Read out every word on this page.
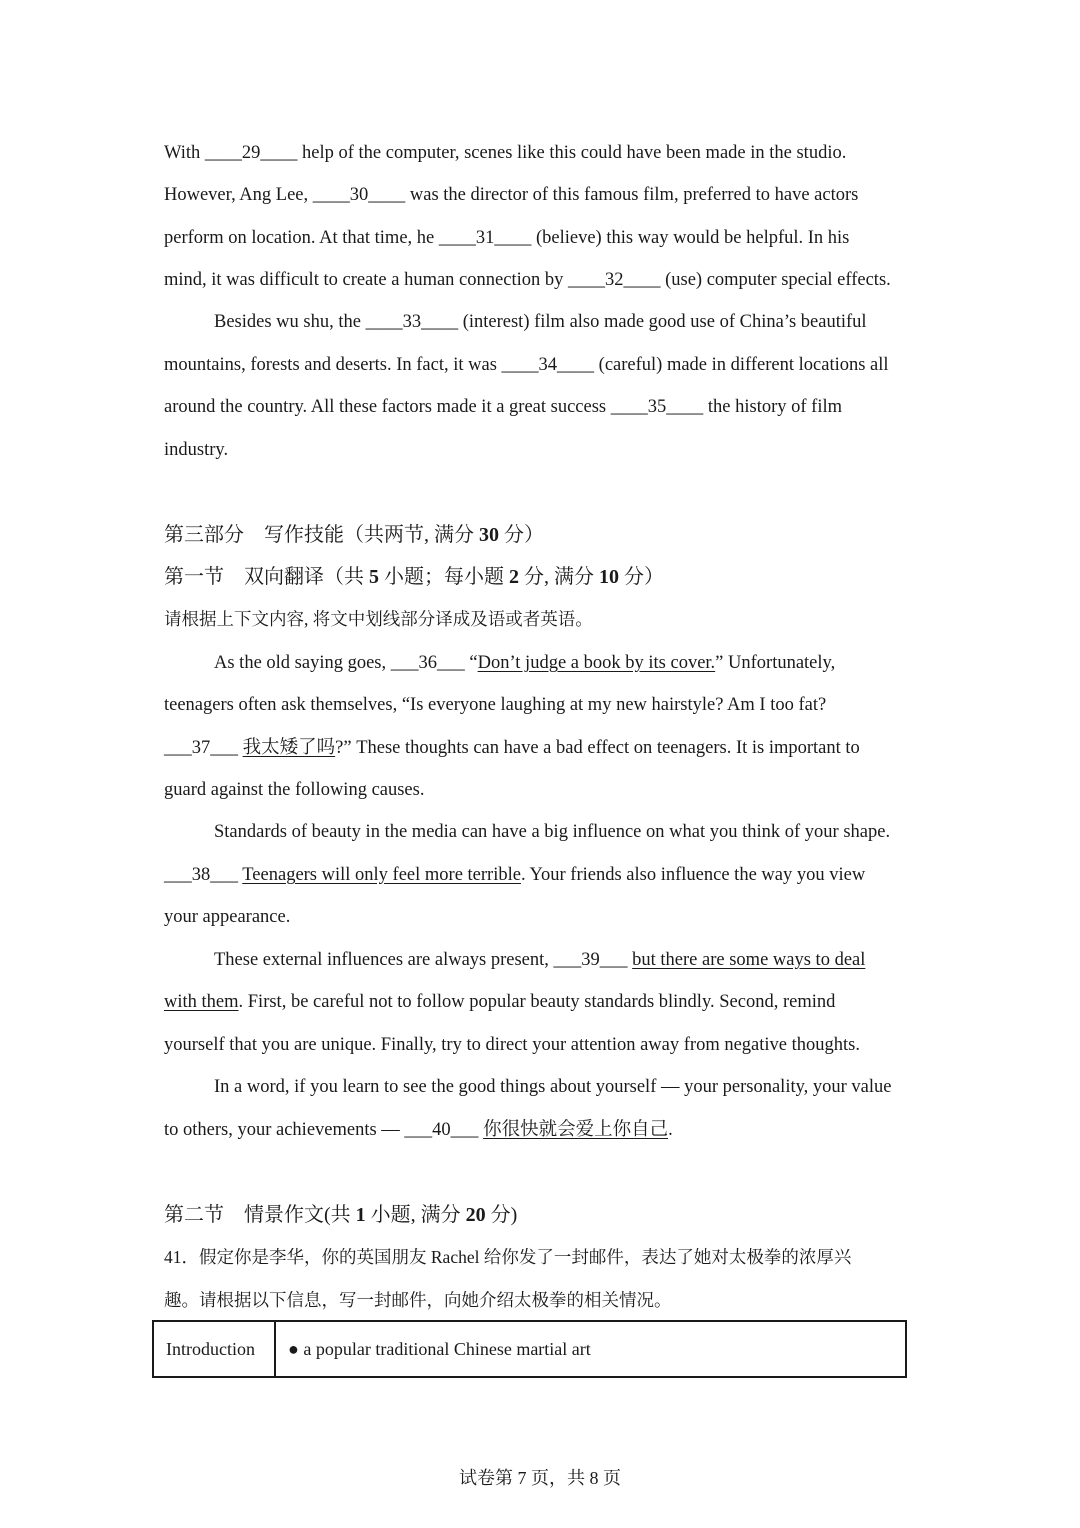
With ____29____ help of the computer, scenes like this could have been made in the studio.
However, Ang Lee, ____30____ was the director of this famous film, preferred to have actors
perform on location. At that time, he ____31____ (believe) this way would be helpful. In his
mind, it was difficult to create a human connection by ____32____ (use) computer special effects.
Besides wu shu, the ____33____ (interest) film also made good use of China’s beautiful
mountains, forests and deserts. In fact, it was ____34____ (careful) made in different locations all
around the country. All these factors made it a great success ____35____ the history of film
industry.
第三部分　写作技能（共两节, 满分 30 分）
第一节　双向翻译（共 5 小题；每小题 2 分, 满分 10 分）
请根据上下文内容, 将文中划线部分译成及语或者英语。
As the old saying goes, ___36___ “Don’t judge a book by its cover.” Unfortunately,
teenagers often ask themselves, “Is everyone laughing at my new hairstyle? Am I too fat?
___37___ 我太矮了吗?” These thoughts can have a bad effect on teenagers. It is important to
guard against the following causes.
Standards of beauty in the media can have a big influence on what you think of your shape.
___38___ Teenagers will only feel more terrible. Your friends also influence the way you view
your appearance.
These external influences are always present, ___39___ but there are some ways to deal
with them. First, be careful not to follow popular beauty standards blindly. Second, remind
yourself that you are unique. Finally, try to direct your attention away from negative thoughts.
In a word, if you learn to see the good things about yourself — your personality, your value
to others, your achievements — ___40___ 你很快就会爱上你自己.
第二节　情景作文(共 1 小题, 满分 20 分)
41．假定你是李华，你的英国朋友 Rachel 给你发了一封邮件，表达了她对太极拳的浓厚兴
趣。请根据以下信息，写一封邮件，向她介绍太极拳的相关情况。
Introduction	● a popular traditional Chinese martial art
试卷第 7 页，共 8 页
